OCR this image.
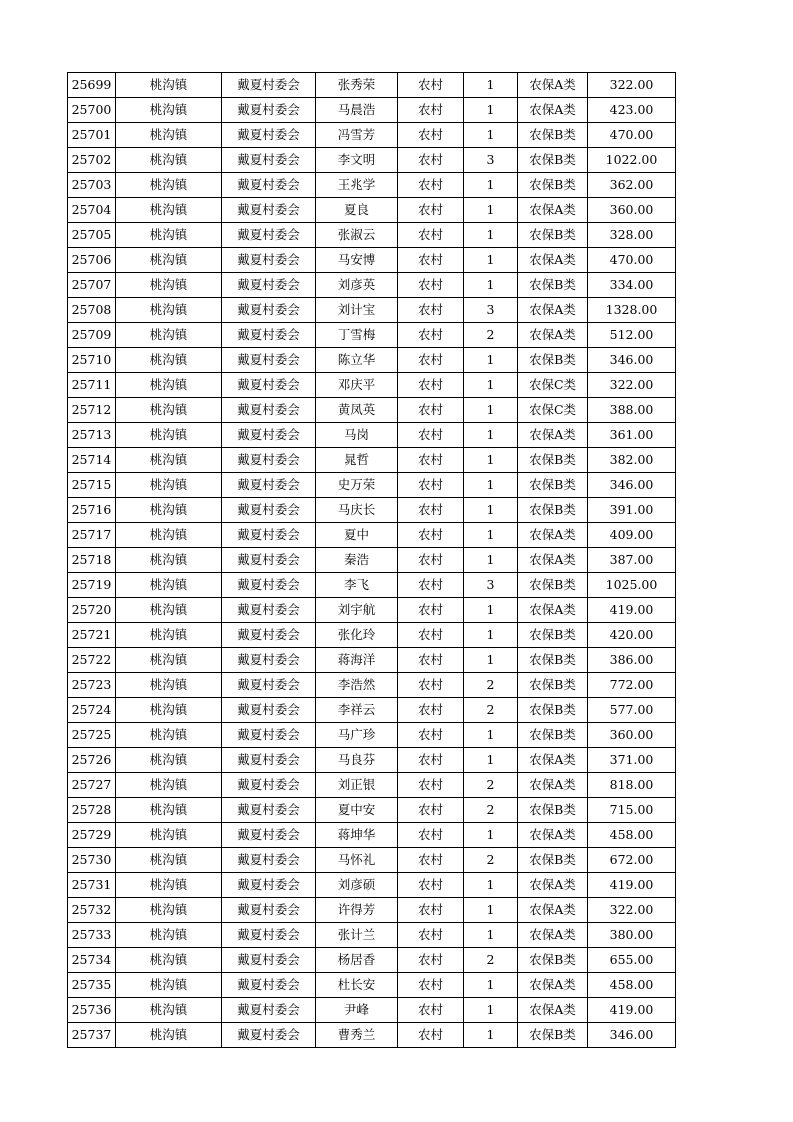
25699	桃沟镇	戴夏村委会	张秀荣	农村	1	农保A类	322.00
25700	桃沟镇	戴夏村委会	马晨浩	农村	1	农保A类	423.00
25701	桃沟镇	戴夏村委会	冯雪芳	农村	1	农保B类	470.00
25702	桃沟镇	戴夏村委会	李文明	农村	3	农保B类	1022.00
25703	桃沟镇	戴夏村委会	王兆学	农村	1	农保B类	362.00
25704	桃沟镇	戴夏村委会	夏良	农村	1	农保A类	360.00
25705	桃沟镇	戴夏村委会	张淑云	农村	1	农保B类	328.00
25706	桃沟镇	戴夏村委会	马安博	农村	1	农保A类	470.00
25707	桃沟镇	戴夏村委会	刘彦英	农村	1	农保B类	334.00
25708	桃沟镇	戴夏村委会	刘计宝	农村	3	农保A类	1328.00
25709	桃沟镇	戴夏村委会	丁雪梅	农村	2	农保A类	512.00
25710	桃沟镇	戴夏村委会	陈立华	农村	1	农保B类	346.00
25711	桃沟镇	戴夏村委会	邓庆平	农村	1	农保C类	322.00
25712	桃沟镇	戴夏村委会	黄凤英	农村	1	农保C类	388.00
25713	桃沟镇	戴夏村委会	马岗	农村	1	农保A类	361.00
25714	桃沟镇	戴夏村委会	晁哲	农村	1	农保B类	382.00
25715	桃沟镇	戴夏村委会	史万荣	农村	1	农保B类	346.00
25716	桃沟镇	戴夏村委会	马庆长	农村	1	农保B类	391.00
25717	桃沟镇	戴夏村委会	夏中	农村	1	农保A类	409.00
25718	桃沟镇	戴夏村委会	秦浩	农村	1	农保A类	387.00
25719	桃沟镇	戴夏村委会	李飞	农村	3	农保B类	1025.00
25720	桃沟镇	戴夏村委会	刘宇航	农村	1	农保A类	419.00
25721	桃沟镇	戴夏村委会	张化玲	农村	1	农保B类	420.00
25722	桃沟镇	戴夏村委会	蒋海洋	农村	1	农保B类	386.00
25723	桃沟镇	戴夏村委会	李浩然	农村	2	农保B类	772.00
25724	桃沟镇	戴夏村委会	李祥云	农村	2	农保B类	577.00
25725	桃沟镇	戴夏村委会	马广珍	农村	1	农保B类	360.00
25726	桃沟镇	戴夏村委会	马良芬	农村	1	农保A类	371.00
25727	桃沟镇	戴夏村委会	刘正银	农村	2	农保A类	818.00
25728	桃沟镇	戴夏村委会	夏中安	农村	2	农保B类	715.00
25729	桃沟镇	戴夏村委会	蒋坤华	农村	1	农保A类	458.00
25730	桃沟镇	戴夏村委会	马怀礼	农村	2	农保B类	672.00
25731	桃沟镇	戴夏村委会	刘彦硕	农村	1	农保A类	419.00
25732	桃沟镇	戴夏村委会	许得芳	农村	1	农保A类	322.00
25733	桃沟镇	戴夏村委会	张计兰	农村	1	农保A类	380.00
25734	桃沟镇	戴夏村委会	杨居香	农村	2	农保B类	655.00
25735	桃沟镇	戴夏村委会	杜长安	农村	1	农保A类	458.00
25736	桃沟镇	戴夏村委会	尹峰	农村	1	农保A类	419.00
25737	桃沟镇	戴夏村委会	曹秀兰	农村	1	农保B类	346.00
